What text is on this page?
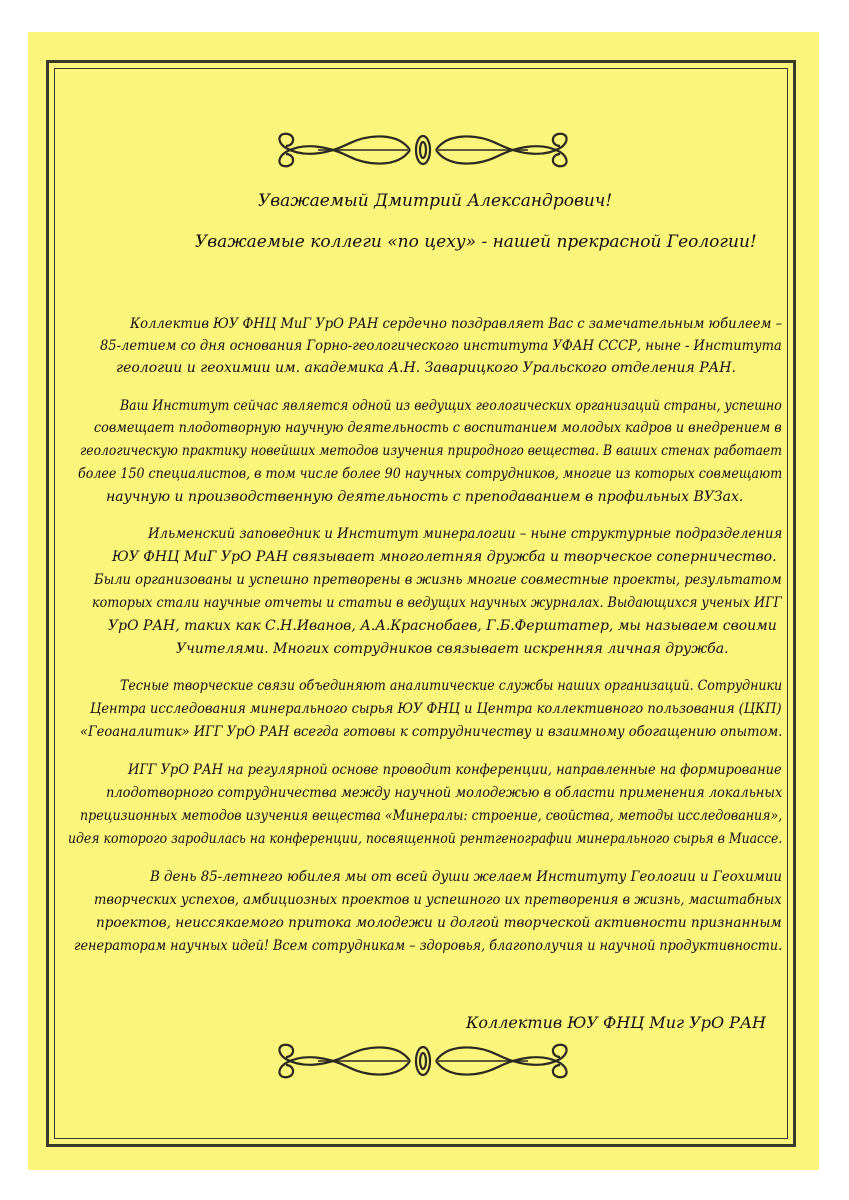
Уважаемый Дмитрий Александрович!
Уважаемые коллеги «по цеху» - нашей прекрасной Геологии!
Коллектив ЮУ ФНЦ МиГ УрО РАН сердечно поздравляет Вас с замечательным юбилеем –
85-летием со дня основания Горно-геологического института УФАН СССР, ныне - Института
геологии и геохимии им. академика А.Н. Заварицкого Уральского отделения РАН.
Ваш Институт сейчас является одной из ведущих геологических организаций страны, успешно
совмещает плодотворную научную деятельность с воспитанием молодых кадров и внедрением в
геологическую практику новейших методов изучения природного вещества. В ваших стенах работает
более 150 специалистов, в том числе более 90 научных сотрудников, многие из которых совмещают
научную и производственную деятельность с преподаванием в профильных ВУЗах.
Ильменский заповедник и Институт минералогии – ныне структурные подразделения
ЮУ ФНЦ МиГ УрО РАН связывает многолетняя дружба и творческое соперничество.
Были организованы и успешно претворены в жизнь многие совместные проекты, результатом
которых стали научные отчеты и статьи в ведущих научных журналах. Выдающихся ученых ИГГ
УрО РАН, таких как С.Н.Иванов, А.А.Краснобаев, Г.Б.Ферштатер, мы называем своими
Учителями. Многих сотрудников связывает искренняя личная дружба.
Тесные творческие связи объединяют аналитические службы наших организаций. Сотрудники
Центра исследования минерального сырья ЮУ ФНЦ и Центра коллективного пользования (ЦКП)
«Геоаналитик» ИГГ УрО РАН всегда готовы к сотрудничеству и взаимному обогащению опытом.
ИГГ УрО РАН на регулярной основе проводит конференции, направленные на формирование
плодотворного сотрудничества между научной молодежью в области применения локальных
прецизионных методов изучения вещества «Минералы: строение, свойства, методы исследования»,
идея которого зародилась на конференции, посвященной рентгенографии минерального сырья в Миассе.
В день 85-летнего юбилея мы от всей души желаем Институту Геологии и Геохимии
творческих успехов, амбициозных проектов и успешного их претворения в жизнь, масштабных
проектов, неиссякаемого притока молодежи и долгой творческой активности признанным
генераторам научных идей! Всем сотрудникам – здоровья, благополучия и научной продуктивности.
Коллектив ЮУ ФНЦ Миг УрО РАН
